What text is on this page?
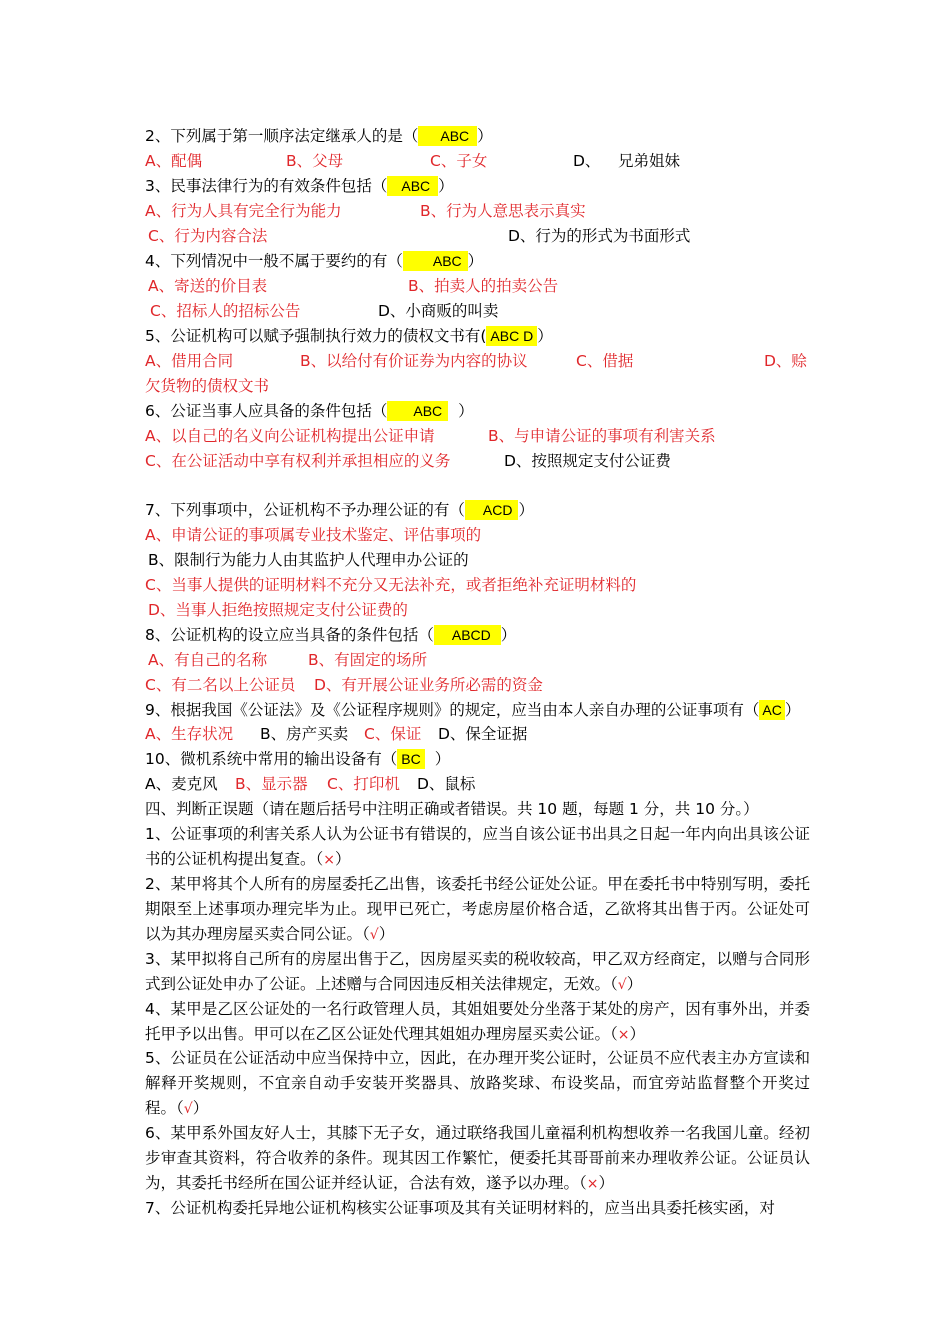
2、下列属于第一顺序法定继承人的是（ ABC ）
A、配偶	B、父母	C、子女	D、 兄弟姐妹
3、民事法律行为的有效条件包括（ ABC ）
A、行为人具有完全行为能力	B、行为人意思表示真实
C、行为内容合法	D、行为的形式为书面形式
4、下列情况中一般不属于要约的有（ ABC ）
A、寄送的价目表	B、拍卖人的拍卖公告
C、招标人的招标公告	D、小商贩的叫卖
5、公证机构可以赋予强制执行效力的债权文书有( ABC D ）
A、借用合同	B、以给付有价证券为内容的协议	C、借据	D、赊
欠货物的债权文书
6、公证当事人应具备的条件包括（ ABC ）
A、以自己的名义向公证机构提出公证申请	B、与申请公证的事项有利害关系
C、在公证活动中享有权利并承担相应的义务	D、按照规定支付公证费
7、下列事项中，公证机构不予办理公证的有（ ACD ）
A、申请公证的事项属专业技术鉴定、评估事项的
B、限制行为能力人由其监护人代理申办公证的
C、当事人提供的证明材料不充分又无法补充，或者拒绝补充证明材料的
D、当事人拒绝按照规定支付公证费的
8、公证机构的设立应当具备的条件包括（ ABCD ）
A、有自己的名称	B、有固定的场所
C、有二名以上公证员 D、有开展公证业务所必需的资金
9、根据我国《公证法》及《公证程序规则》的规定，应当由本人亲自办理的公证事项有（ AC ）
A、生存状况 B、房产买卖 C、保证 D、保全证据
10、微机系统中常用的输出设备有（ BC ）
A、麦克风 B、显示器 C、打印机 D、鼠标
四、判断正误题（请在题后括号中注明正确或者错误。共 10 题，每题 1 分，共 10 分。）
1、公证事项的利害关系人认为公证书有错误的，应当自该公证书出具之日起一年内向出具该公证书的公证机构提出复查。（×）
2、某甲将其个人所有的房屋委托乙出售，该委托书经公证处公证。甲在委托书中特别写明，委托期限至上述事项办理完毕为止。现甲已死亡，考虑房屋价格合适，乙欲将其出售于丙。公证处可以为其办理房屋买卖合同公证。（√）
3、某甲拟将自己所有的房屋出售于乙，因房屋买卖的税收较高，甲乙双方经商定，以赠与合同形式到公证处申办了公证。上述赠与合同因违反相关法律规定，无效。（√）
4、某甲是乙区公证处的一名行政管理人员，其姐姐要处分坐落于某处的房产，因有事外出，并委托甲予以出售。甲可以在乙区公证处代理其姐姐办理房屋买卖公证。（×）
5、公证员在公证活动中应当保持中立，因此，在办理开奖公证时，公证员不应代表主办方宣读和解释开奖规则，不宜亲自动手安装开奖器具、放路奖球、布设奖品，而宜旁站监督整个开奖过程。（√）
6、某甲系外国友好人士，其膝下无子女，通过联络我国儿童福利机构想收养一名我国儿童。经初步审查其资料，符合收养的条件。现其因工作繁忙，便委托其哥哥前来办理收养公证。公证员认为，其委托书经所在国公证并经认证，合法有效，遂予以办理。（×）
7、公证机构委托异地公证机构核实公证事项及其有关证明材料的，应当出具委托核实函，对
